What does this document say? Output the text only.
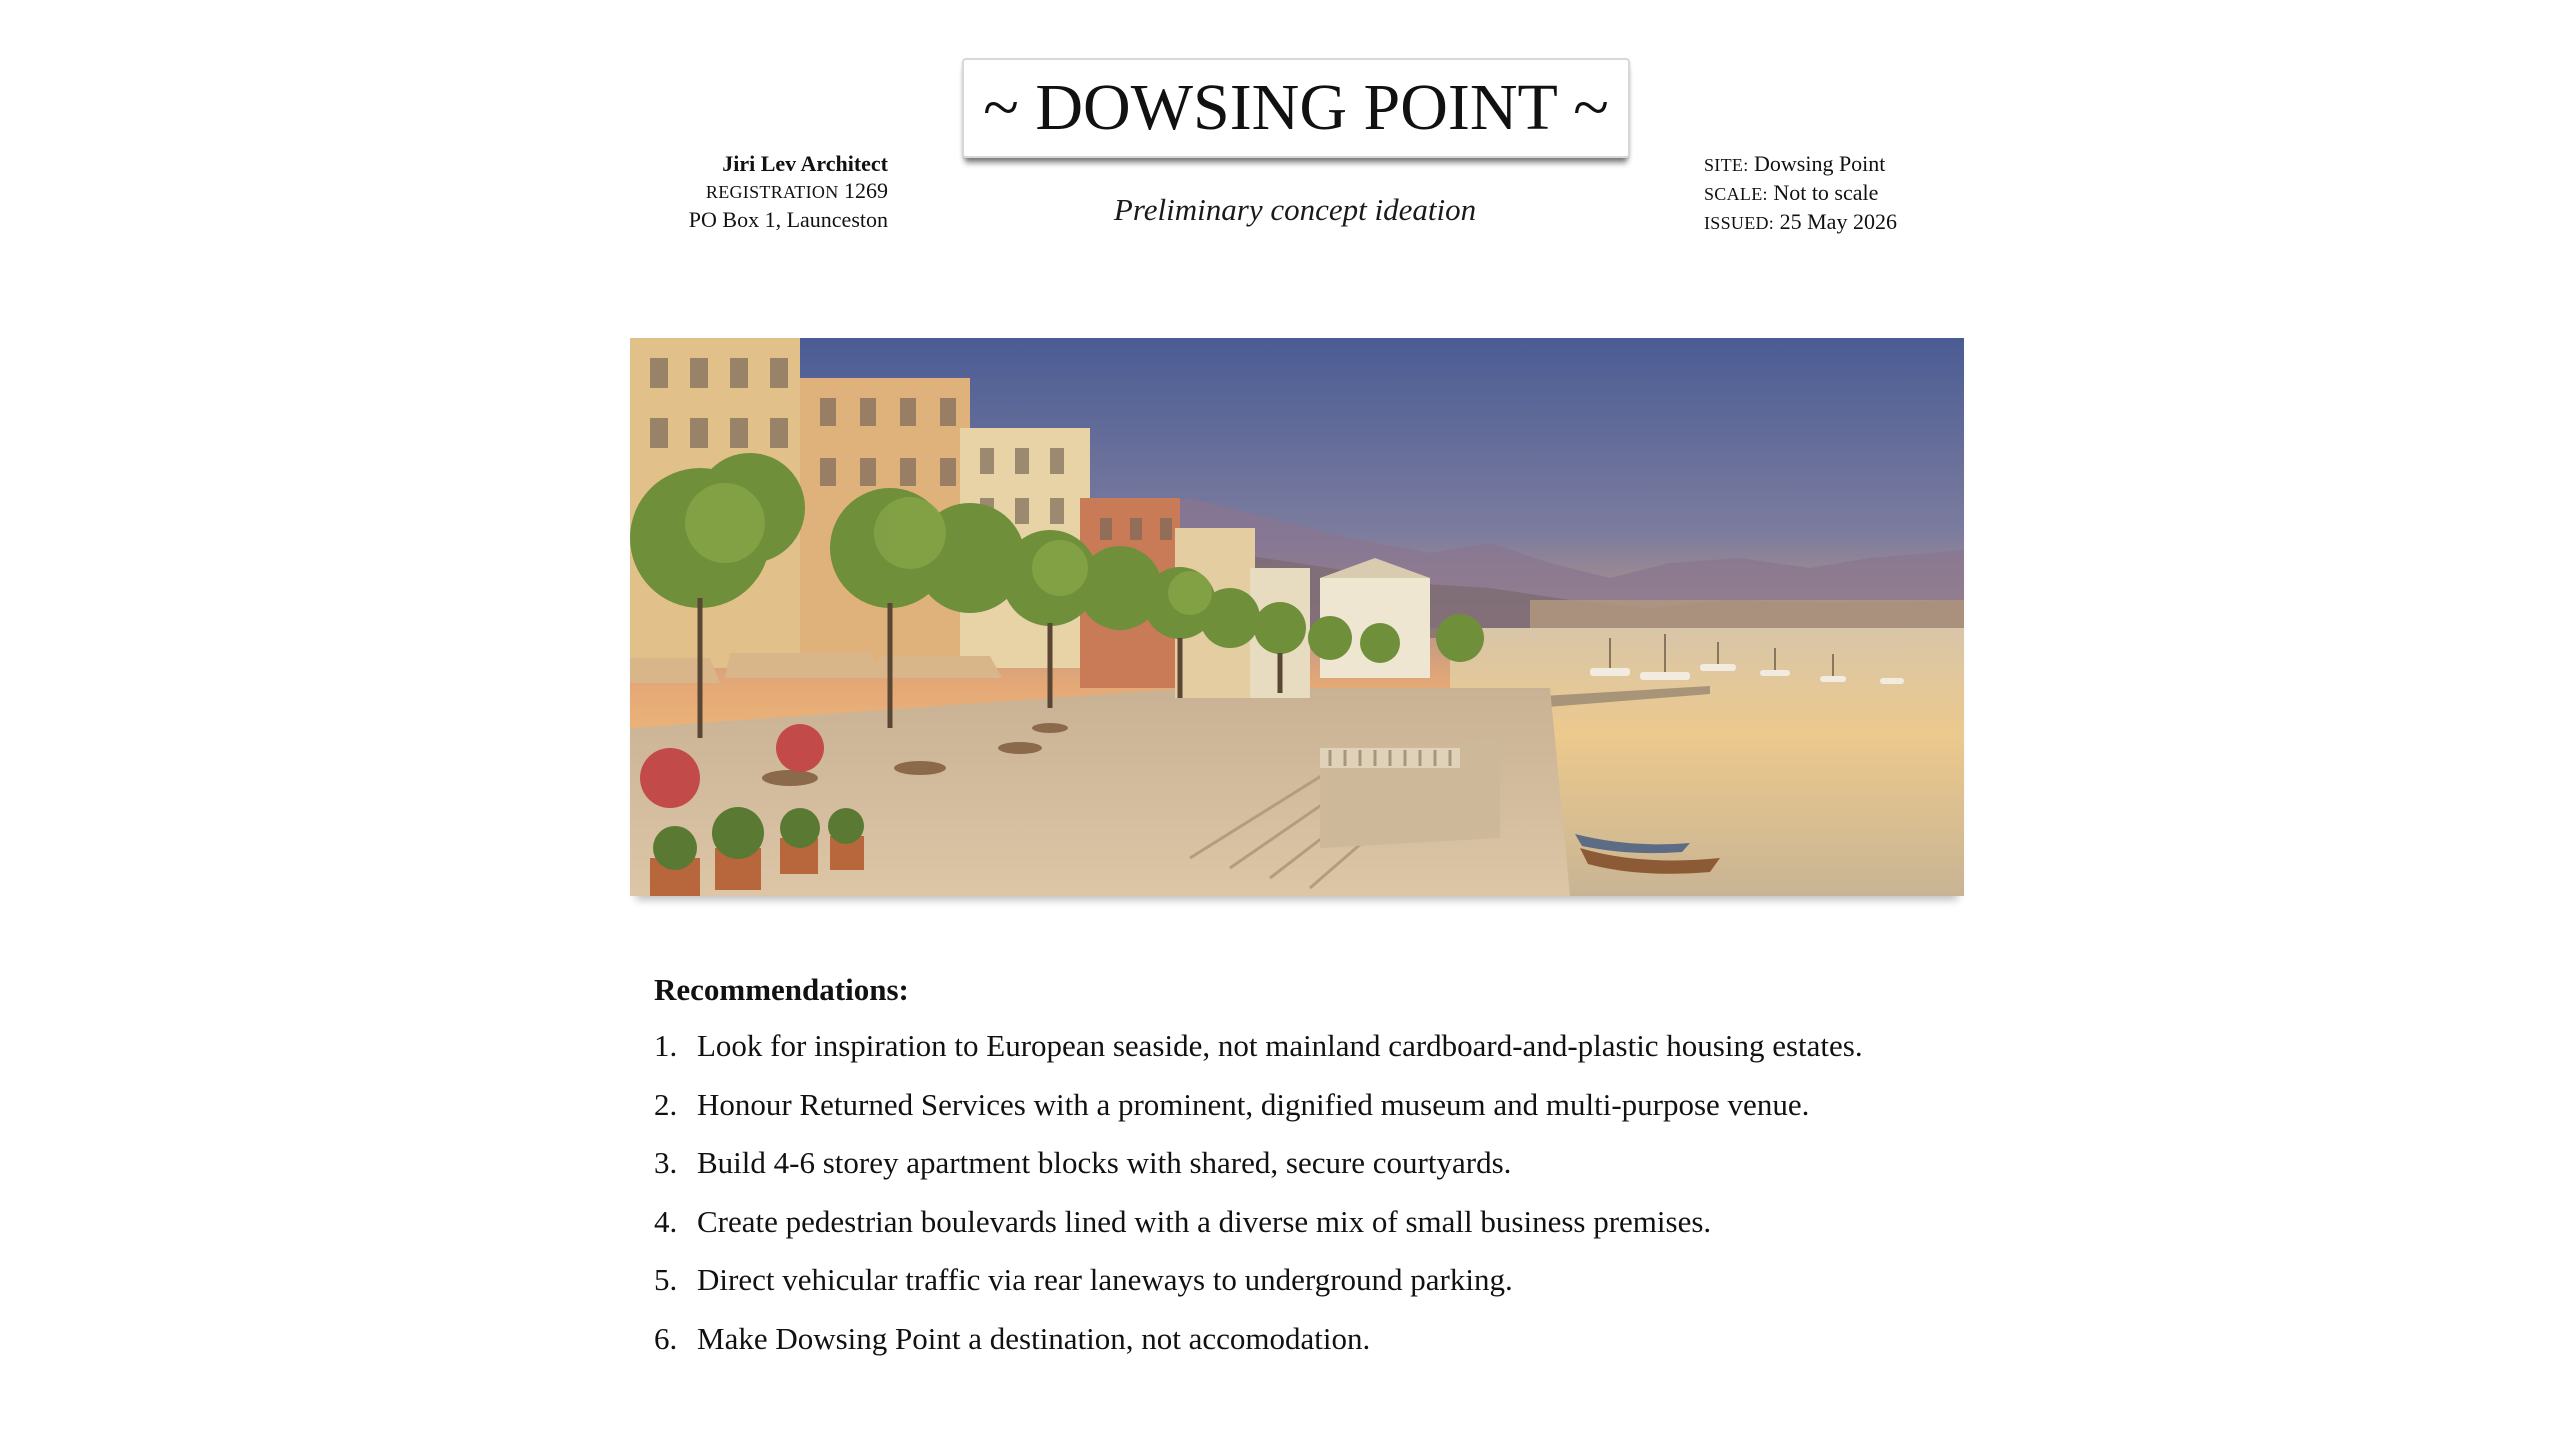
~ DOWSING POINT ~
Preliminary concept ideation
Jiri Lev Architect
REGISTRATION 1269
PO Box 1, Launceston
SITE: Dowsing Point
SCALE: Not to scale
ISSUED: 25 May 2026
Recommendations:
1. Look for inspiration to European seaside, not mainland cardboard-and-plastic housing estates.
2. Honour Returned Services with a prominent, dignified museum and multi-purpose venue.
3. Build 4-6 storey apartment blocks with shared, secure courtyards.
4. Create pedestrian boulevards lined with a diverse mix of small business premises.
5. Direct vehicular traffic via rear laneways to underground parking.
6. Make Dowsing Point a destination, not accomodation.
